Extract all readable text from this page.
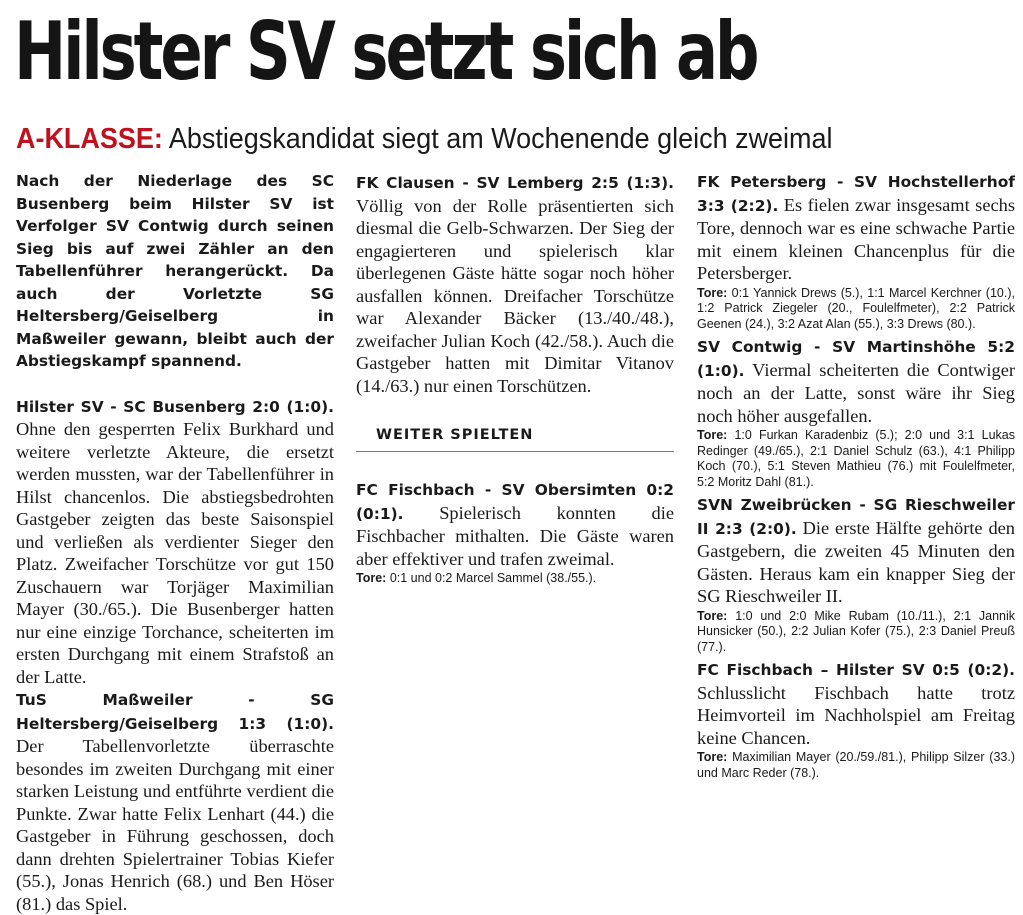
Hilster SV setzt sich ab
A-KLASSE: Abstiegskandidat siegt am Wochenende gleich zweimal

Nach der Niederlage des SC Busenberg beim Hilster SV ist Verfolger SV Contwig durch seinen Sieg bis auf zwei Zähler an den Tabellenführer herangerückt. Da auch der Vorletzte SG Heltersberg/Geiselberg in Maßweiler gewann, bleibt auch der Abstiegskampf spannend.

Hilster SV - SC Busenberg 2:0 (1:0). Ohne den gesperrten Felix Burkhard und weitere verletzte Akteure, die ersetzt werden mussten, war der Tabellenführer in Hilst chancenlos. Die abstiegsbedrohten Gastgeber zeigten das beste Saisonspiel und verließen als verdienter Sieger den Platz. Zweifacher Torschütze vor gut 150 Zuschauern war Torjäger Maximilian Mayer (30./65.). Die Busenberger hatten nur eine einzige Torchance, scheiterten im ersten Durchgang mit einem Strafstoß an der Latte.

TuS Maßweiler - SG Heltersberg/Geiselberg 1:3 (1:0). Der Tabellenvorletzte überraschte besondes im zweiten Durchgang mit einer starken Leistung und entführte verdient die Punkte. Zwar hatte Felix Lenhart (44.) die Gastgeber in Führung geschossen, doch dann drehten Spielertrainer Tobias Kiefer (55.), Jonas Henrich (68.) und Ben Höser (81.) das Spiel.

FK Clausen - SV Lemberg 2:5 (1:3). Völlig von der Rolle präsentierten sich diesmal die Gelb-Schwarzen. Der Sieg der engagierteren und spielerisch klar überlegenen Gäste hätte sogar noch höher ausfallen können. Dreifacher Torschütze war Alexander Bäcker (13./40./48.), zweifacher Julian Koch (42./58.). Auch die Gastgeber hatten mit Dimitar Vitanov (14./63.) nur einen Torschützen.

WEITER SPIELTEN

FC Fischbach - SV Obersimten 0:2 (0:1). Spielerisch konnten die Fischbacher mithalten. Die Gäste waren aber effektiver und trafen zweimal.

Tore: 0:1 und 0:2 Marcel Sammel (38./55.).

FK Petersberg - SV Hochstellerhof 3:3 (2:2). Es fielen zwar insgesamt sechs Tore, dennoch war es eine schwache Partie mit einem kleinen Chancenplus für die Petersberger.

Tore: 0:1 Yannick Drews (5.), 1:1 Marcel Kerchner (10.), 1:2 Patrick Ziegeler (20., Foulelfmeter), 2:2 Patrick Geenen (24.), 3:2 Azat Alan (55.), 3:3 Drews (80.).

SV Contwig - SV Martinshöhe 5:2 (1:0). Viermal scheiterten die Contwiger noch an der Latte, sonst wäre ihr Sieg noch höher ausgefallen.

Tore: 1:0 Furkan Karadenbiz (5.); 2:0 und 3:1 Lukas Redinger (49./65.), 2:1 Daniel Schulz (63.), 4:1 Philipp Koch (70.), 5:1 Steven Mathieu (76.) mit Foulelfmeter, 5:2 Moritz Dahl (81.).

SVN Zweibrücken - SG Rieschweiler II 2:3 (2:0). Die erste Hälfte gehörte den Gastgebern, die zweiten 45 Minuten den Gästen. Heraus kam ein knapper Sieg der SG Rieschweiler II.

Tore: 1:0 und 2:0 Mike Rubam (10./11.), 2:1 Jannik Hunsicker (50.), 2:2 Julian Kofer (75.), 2:3 Daniel Preuß (77.).

FC Fischbach – Hilster SV 0:5 (0:2). Schlusslicht Fischbach hatte trotz Heimvorteil im Nachholspiel am Freitag keine Chancen.

Tore: Maximilian Mayer (20./59./81.), Philipp Silzer (33.) und Marc Reder (78.).
